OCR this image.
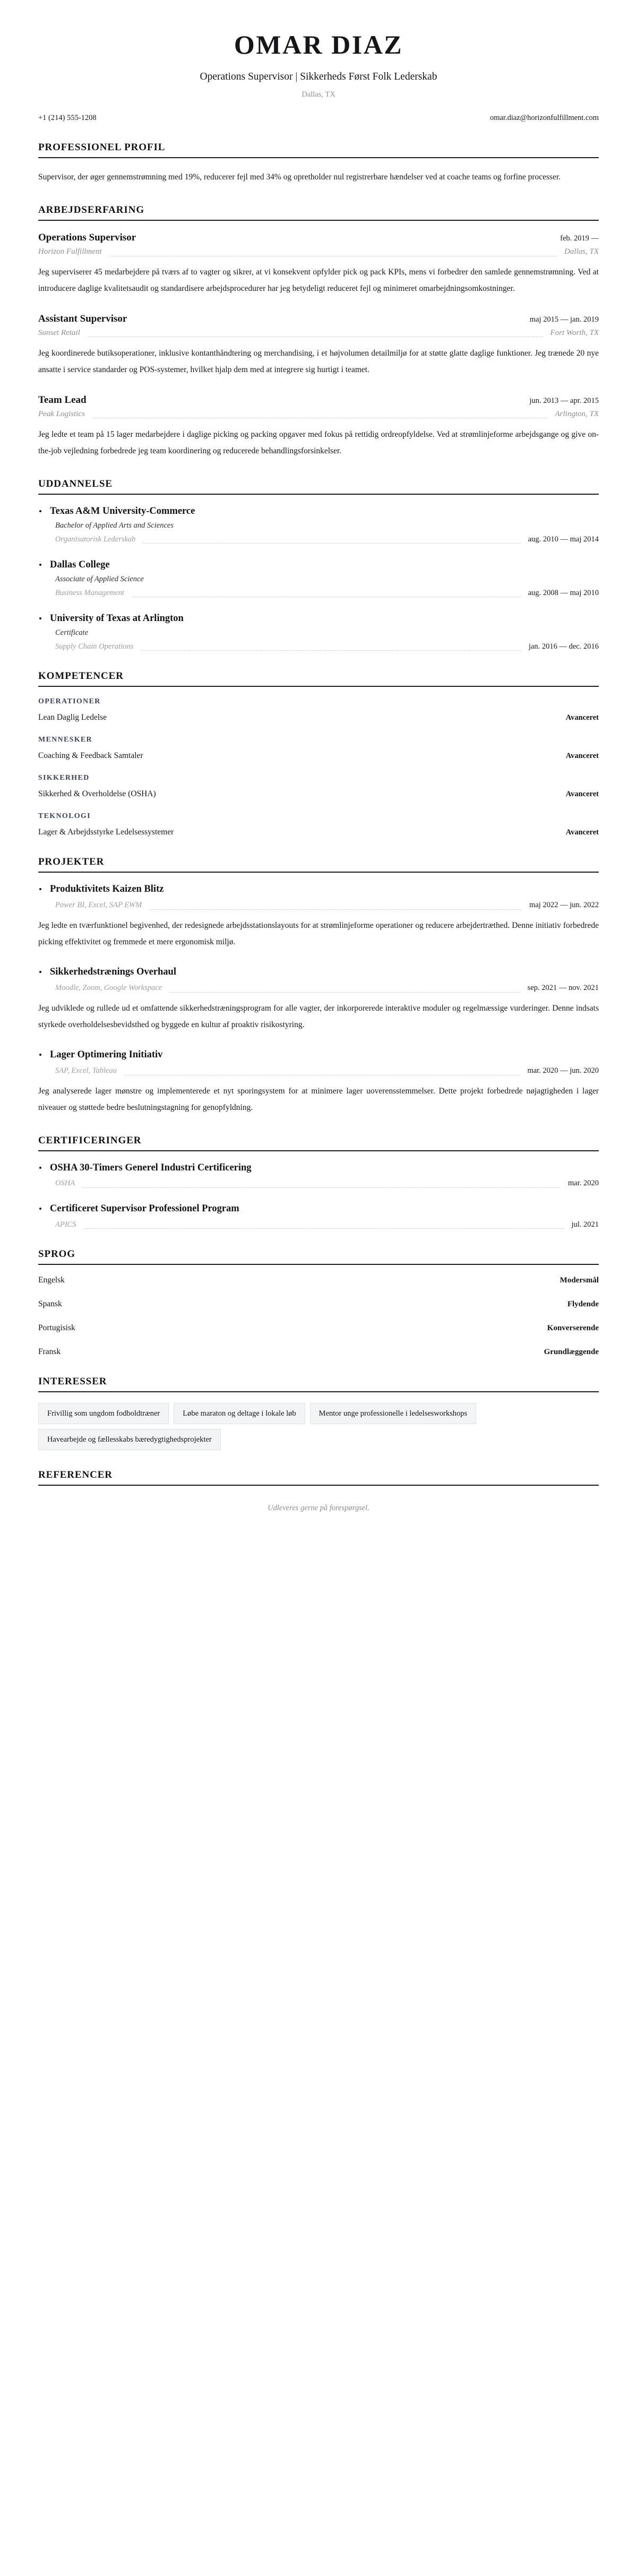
OMAR DIAZ
Operations Supervisor | Sikkerheds Først Folk Lederskab
Dallas, TX
+1 (214) 555-1208	omar.diaz@horizonfulfillment.com
PROFESSIONEL PROFIL

Supervisor, der øger gennemstrømning med 19%, reducerer fejl med 34% og opretholder nul registrerbare hændelser ved at coache teams og forfine processer.

ARBEJDSERFARING
Operations Supervisor	feb. 2019 —
Horizon Fulfillment	Dallas, TX
Jeg superviserer 45 medarbejdere på tværs af to vagter og sikrer, at vi konsekvent opfylder pick og pack KPIs, mens vi forbedrer den samlede gennemstrømning. Ved at introducere daglige kvalitetsaudit og standardisere arbejdsprocedurer har jeg betydeligt reduceret fejl og minimeret omarbejdningsomkostninger.
Assistant Supervisor	maj 2015 — jan. 2019
Sunset Retail	Fort Worth, TX
Jeg koordinerede butiksoperationer, inklusive kontanthåndtering og merchandising, i et højvolumen detailmiljø for at støtte glatte daglige funktioner. Jeg trænede 20 nye ansatte i service standarder og POS-systemer, hvilket hjalp dem med at integrere sig hurtigt i teamet.
Team Lead	jun. 2013 — apr. 2015
Peak Logistics	Arlington, TX
Jeg ledte et team på 15 lager medarbejdere i daglige picking og packing opgaver med fokus på rettidig ordreopfyldelse. Ved at strømlinjeforme arbejdsgange og give on-the-job vejledning forbedrede jeg team koordinering og reducerede behandlingsforsinkelser.
UDDANNELSE
Texas A&M University-Commerce
Bachelor of Applied Arts and Sciences
Organisatorisk Lederskab	aug. 2010 — maj 2014
Dallas College
Associate of Applied Science
Business Management	aug. 2008 — maj 2010
University of Texas at Arlington
Certificate
Supply Chain Operations	jan. 2016 — dec. 2016
KOMPETENCER
OPERATIONER
Lean Daglig Ledelse	Avanceret
MENNESKER
Coaching & Feedback Samtaler	Avanceret
SIKKERHED
Sikkerhed & Overholdelse (OSHA)	Avanceret
TEKNOLOGI
Lager & Arbejdsstyrke Ledelsessystemer	Avanceret
PROJEKTER
Produktivitets Kaizen Blitz
Power BI, Excel, SAP EWM	maj 2022 — jun. 2022
Jeg ledte en tværfunktionel begivenhed, der redesignede arbejdsstationslayouts for at strømlinjeforme operationer og reducere arbejdertræthed. Denne initiativ forbedrede picking effektivitet og fremmede et mere ergonomisk miljø.
Sikkerhedstrænings Overhaul
Moodle, Zoom, Google Workspace	sep. 2021 — nov. 2021
Jeg udviklede og rullede ud et omfattende sikkerhedstræningsprogram for alle vagter, der inkorporerede interaktive moduler og regelmæssige vurderinger. Denne indsats styrkede overholdelsesbevidsthed og byggede en kultur af proaktiv risikostyring.
Lager Optimering Initiativ
SAP, Excel, Tableau	mar. 2020 — jun. 2020
Jeg analyserede lager mønstre og implementerede et nyt sporingsystem for at minimere lager uoverensstemmelser. Dette projekt forbedrede nøjagtigheden i lager niveauer og støttede bedre beslutningstagning for genopfyldning.
CERTIFICERINGER
OSHA 30-Timers Generel Industri Certificering
OSHA	mar. 2020
Certificeret Supervisor Professionel Program
APICS	jul. 2021
SPROG
Engelsk	Modersmål
Spansk	Flydende
Portugisisk	Konverserende
Fransk	Grundlæggende
INTERESSER
Frivillig som ungdom fodboldtræner	Løbe maraton og deltage i lokale løb	Mentor unge professionelle i ledelsesworkshops
Havearbejde og fællesskabs bæredygtighedsprojekter
REFERENCER
Udleveres gerne på forespørgsel.
